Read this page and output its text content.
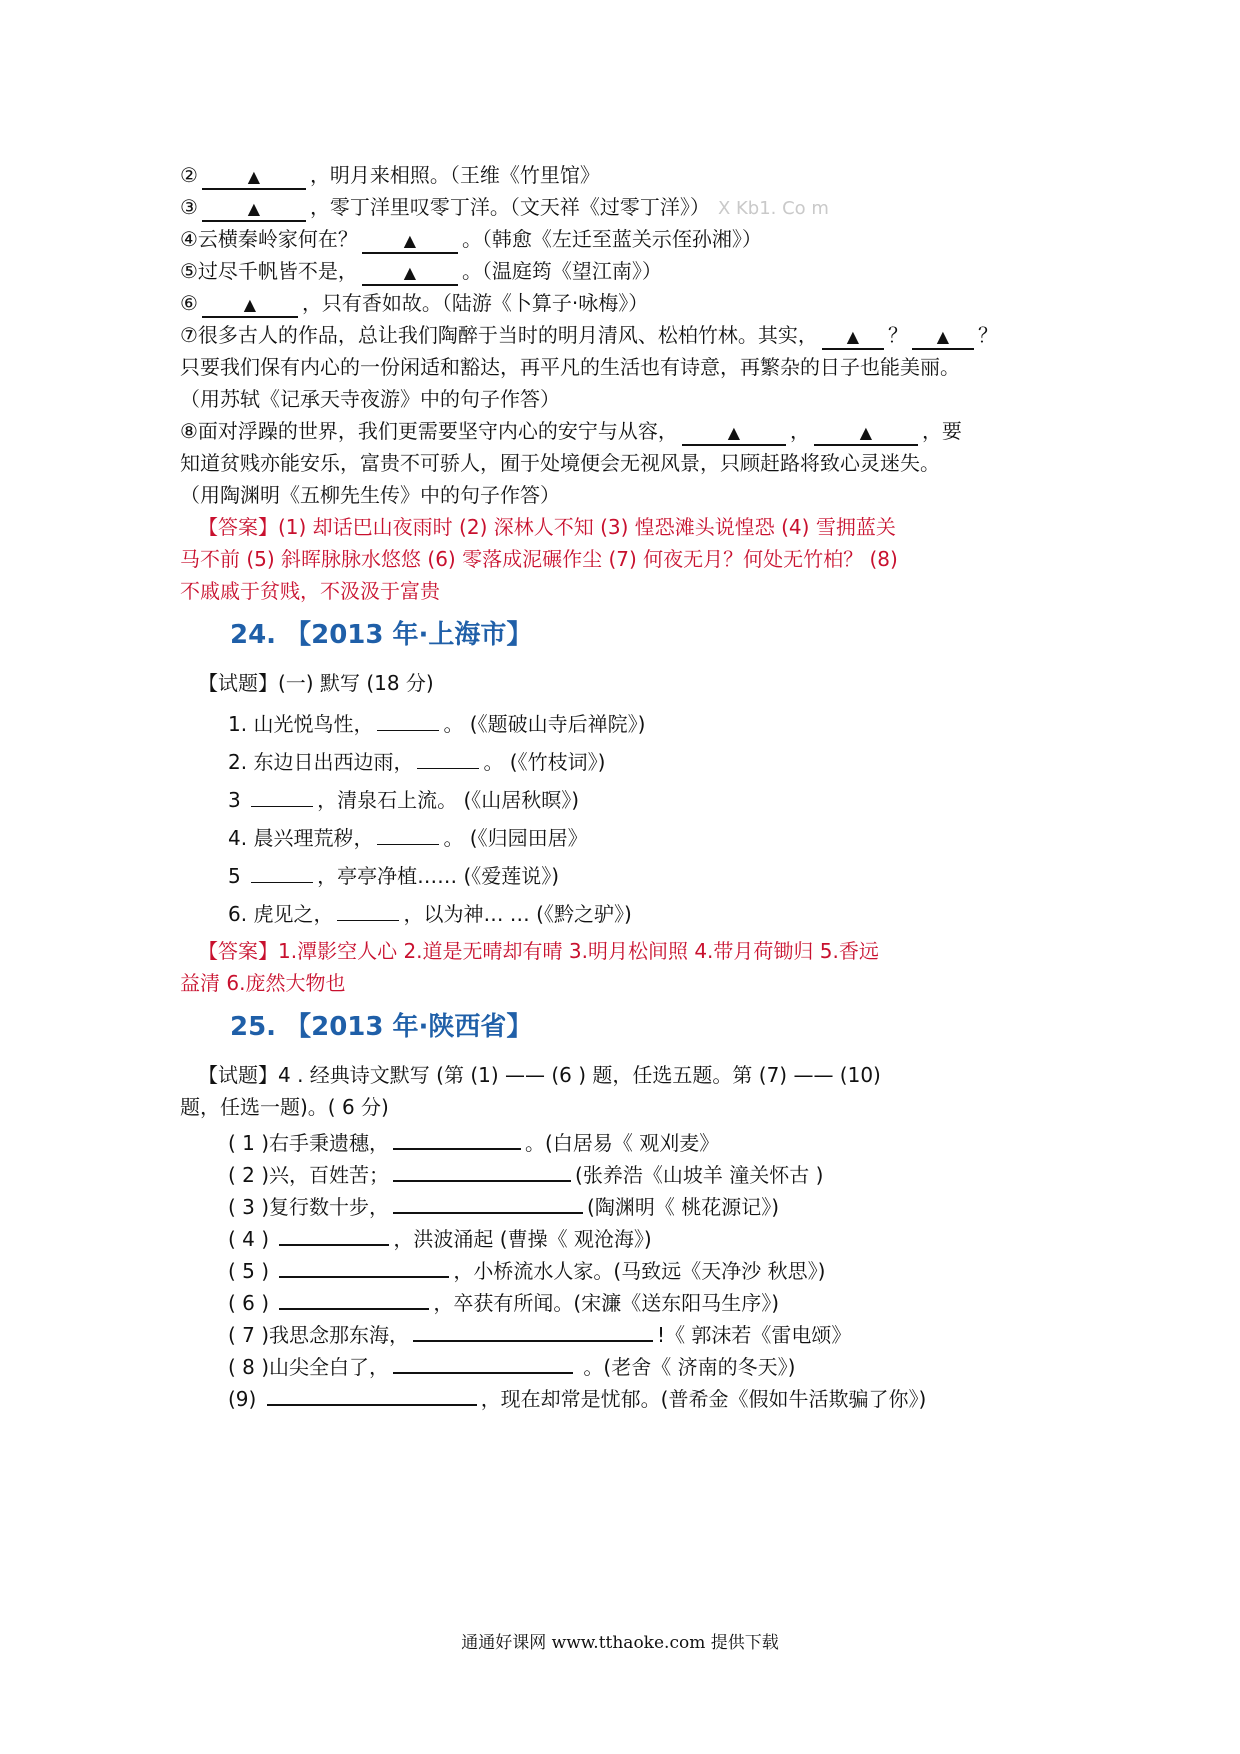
②	▲ ，明月来相照。（王维《竹里馆》
③	▲ ，零丁洋里叹零丁洋。（文天祥《过零丁洋》） X Kb1. Co m
④云横秦岭家何在？	▲ 。（韩愈《左迁至蓝关示侄孙湘》）
⑤过尽千帆皆不是，	▲ 。（温庭筠《望江南》）
⑥	▲ ，只有香如故。（陆游《卜算子·咏梅》）
⑦很多古人的作品，总让我们陶醉于当时的明月清风、松柏竹林。其实， ▲ ？ ▲ ？
只要我们保有内心的一份闲适和豁达，再平凡的生活也有诗意，再繁杂的日子也能美丽。
（用苏轼《记承天寺夜游》中的句子作答）
⑧面对浮躁的世界，我们更需要坚守内心的安宁与从容，	▲ ，	▲ ，要
知道贫贱亦能安乐，富贵不可骄人，囿于处境便会无视风景，只顾赶路将致心灵迷失。
（用陶渊明《五柳先生传》中的句子作答）
【答案】(1) 却话巴山夜雨时 (2) 深林人不知 (3) 惶恐滩头说惶恐 (4) 雪拥蓝关
马不前 (5) 斜晖脉脉水悠悠 (6) 零落成泥碾作尘 (7) 何夜无月？何处无竹柏？ (8)
不戚戚于贫贱，不汲汲于富贵
24. 【2013 年·上海市】
【试题】(一) 默写 (18 分)
1. 山光悦鸟性，	。 (《题破山寺后禅院》)
2. 东边日出西边雨，	。 (《竹枝词》)
3	，清泉石上流。 (《山居秋暝》)
4. 晨兴理荒秽，	。 (《归园田居》
5	，亭亭净植…… (《爱莲说》)
6. 虎见之，	，以为神… … (《黔之驴》)
【答案】1.潭影空人心 2.道是无晴却有晴 3.明月松间照 4.带月荷锄归 5.香远
益清 6.庞然大物也
25. 【2013 年·陕西省】
【试题】4 . 经典诗文默写 (第 (1) —— (6 ) 题，任选五题。第 (7) —— (10)
题，任选一题)。( 6 分)
( 1 )右手秉遗穗，	。(白居易《 观刈麦》
( 2 )兴，百姓苦；	(张养浩《山坡羊 潼关怀古 )
( 3 )复行数十步，	(陶渊明《 桃花源记》)
( 4 )	，洪波涌起 (曹操《 观沧海》)
( 5 )	，小桥流水人家。(马致远《天净沙 秋思》)
( 6 )	，卒获有所闻。(宋濂《送东阳马生序》)
( 7 )我思念那东海，	!《 郭沫若《雷电颂》
( 8 )山尖全白了，	。(老舍《 济南的冬天》)
(9)	，现在却常是忧郁。(普希金《假如牛活欺骗了你》)
通通好课网 www.tthaoke.com 提供下载
